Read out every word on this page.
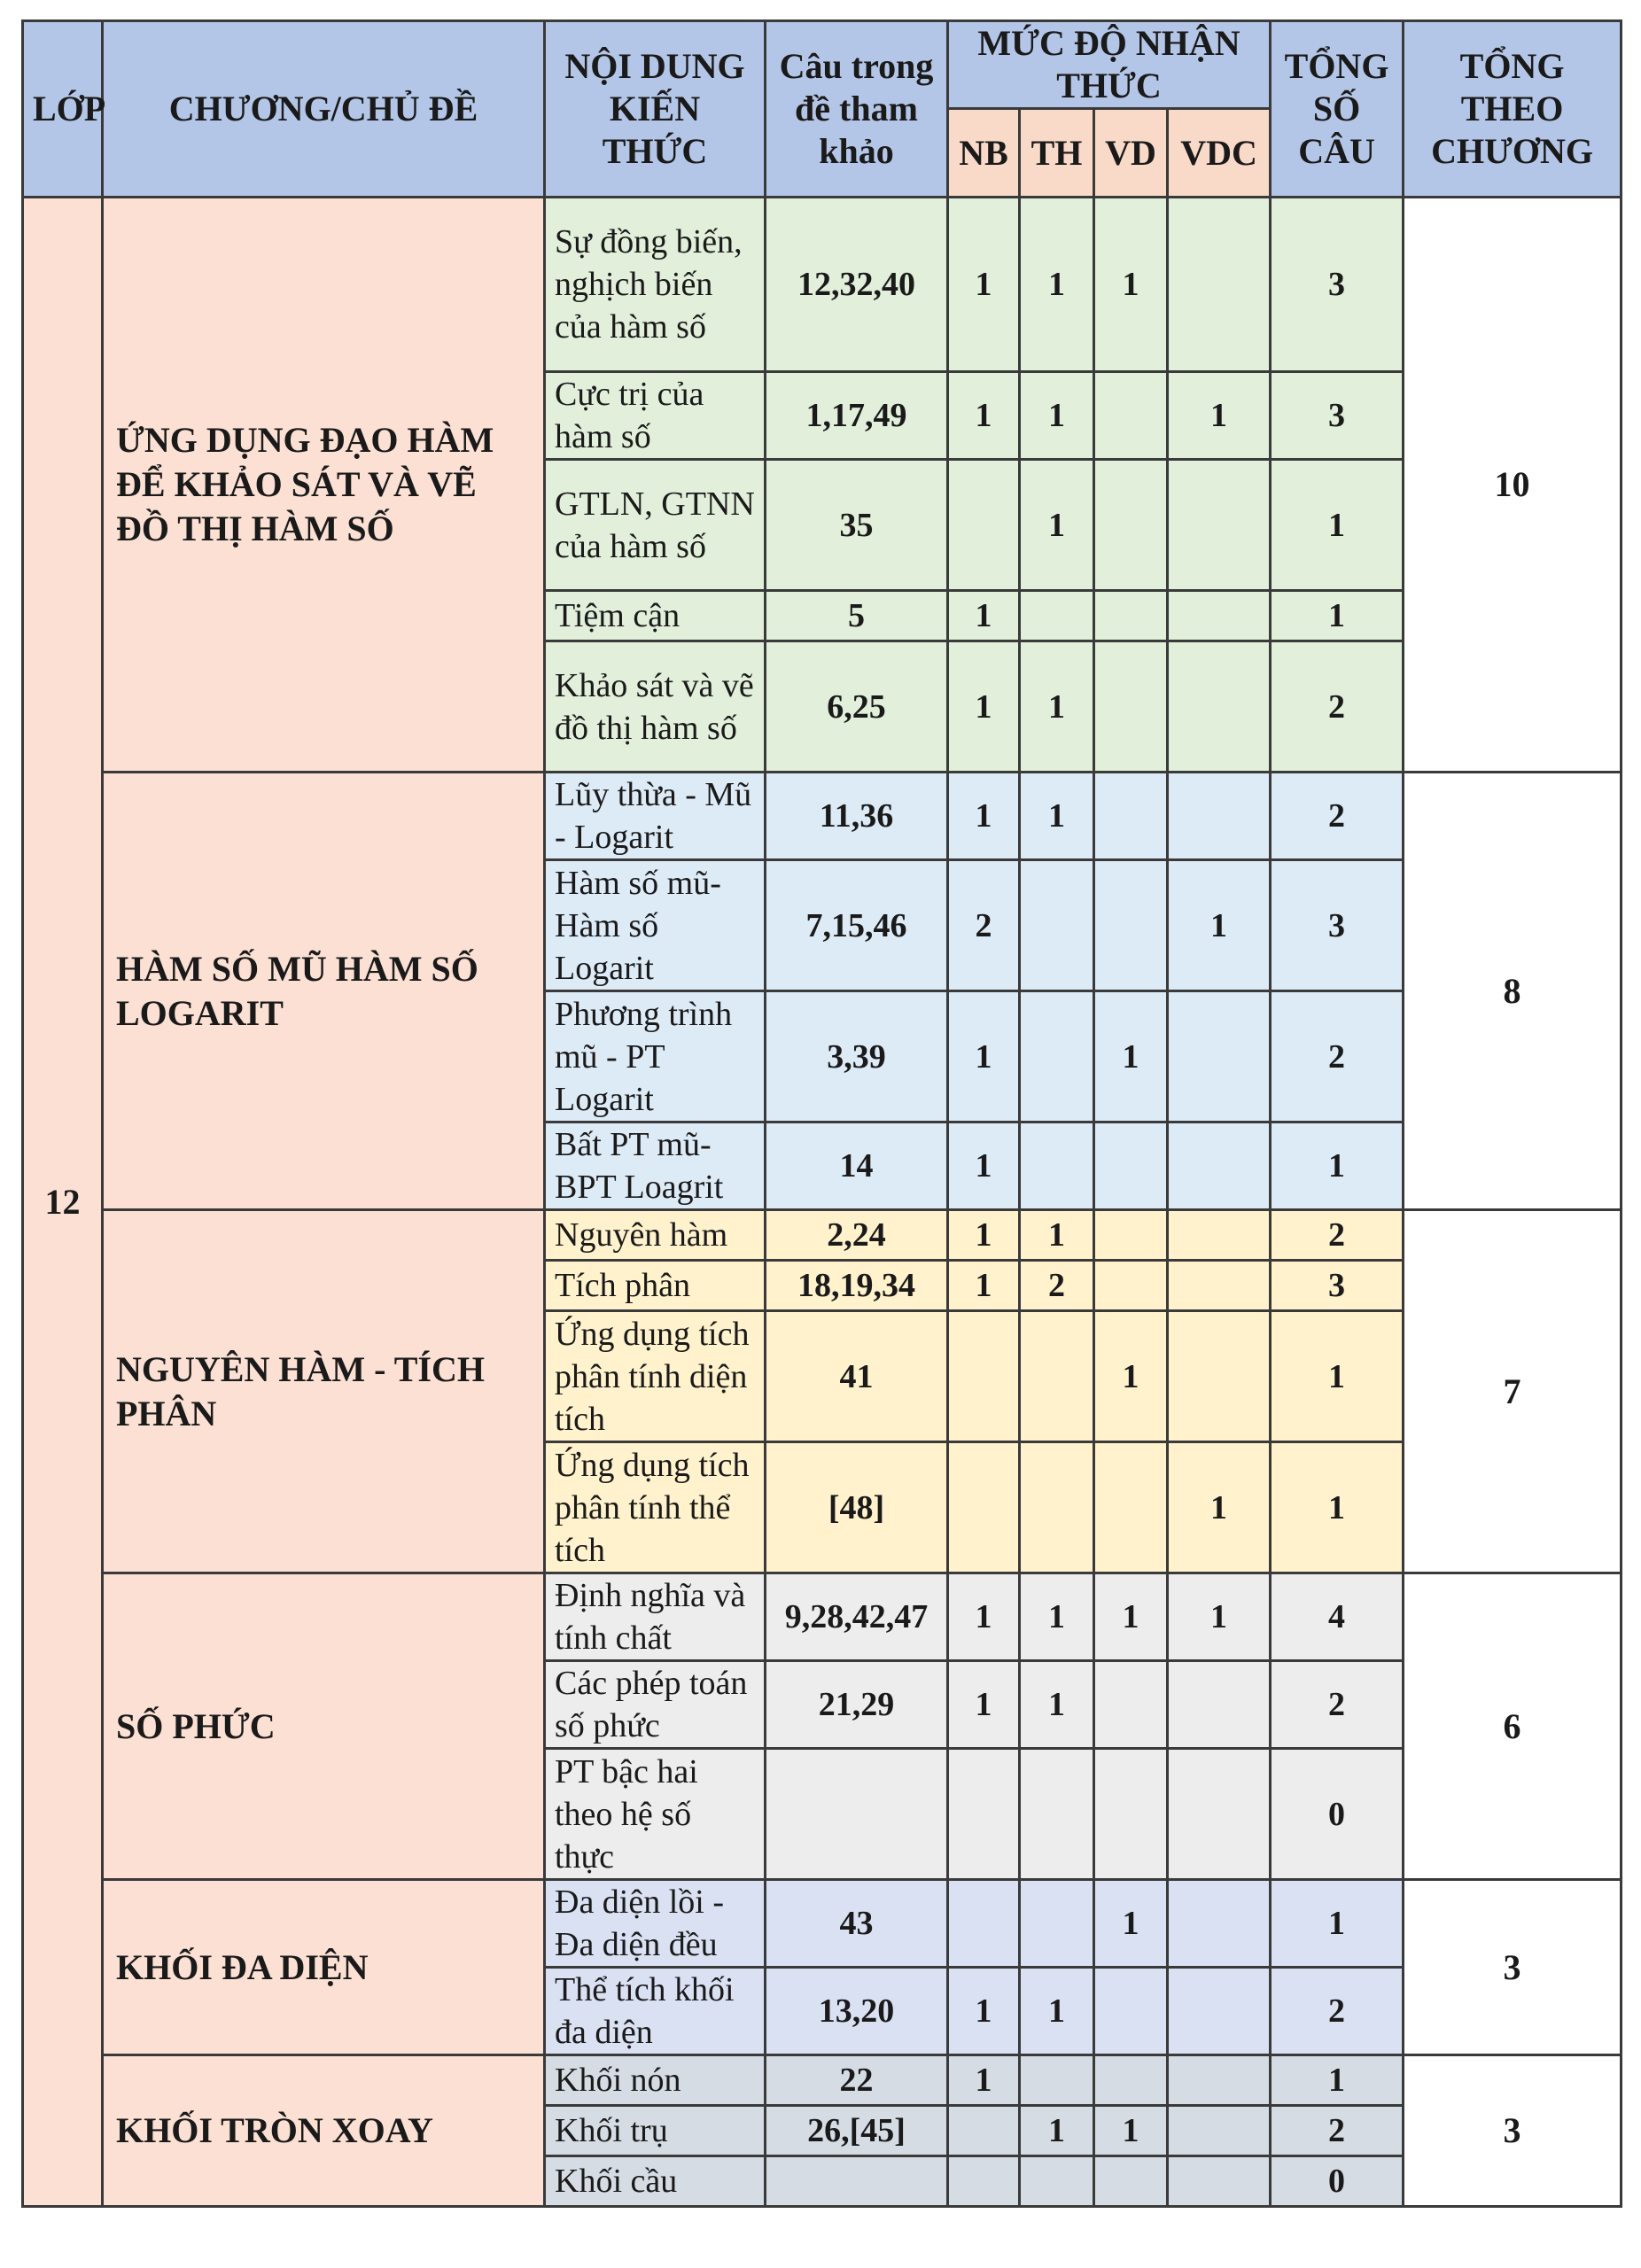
LỚP	CHƯƠNG/CHỦ ĐỀ	NỘI DUNG KIẾN THỨC	Câu trong đề tham khảo	MỨC ĐỘ NHẬN THỨC				TỔNG SỐ CÂU	TỔNG THEO CHƯƠNG
				NB	TH	VD	VDC		
12	ỨNG DỤNG ĐẠO HÀM ĐỂ KHẢO SÁT VÀ VẼ ĐỒ THỊ HÀM SỐ	Sự đồng biến, nghịch biến của hàm số	12,32,40	1	1	1		3	10
		Cực trị của hàm số	1,17,49	1	1		1	3	
		GTLN, GTNN của hàm số	35		1			1	
		Tiệm cận	5	1				1	
		Khảo sát và vẽ đồ thị hàm số	6,25	1	1			2	
	HÀM SỐ MŨ HÀM SỐ LOGARIT	Lũy thừa - Mũ - Logarit	11,36	1	1			2	8
		Hàm số mũ- Hàm số Logarit	7,15,46	2			1	3	
		Phương trình mũ - PT Logarit	3,39	1		1		2	
		Bất PT mũ- BPT Loagrit	14	1				1	
	NGUYÊN HÀM - TÍCH PHÂN	Nguyên hàm	2,24	1	1			2	7
		Tích phân	18,19,34	1	2			3	
		Ứng dụng tích phân tính diện tích	41			1		1	
		Ứng dụng tích phân tính thể tích	[48]				1	1	
	SỐ PHỨC	Định nghĩa và tính chất	9,28,42,47	1	1	1	1	4	6
		Các phép toán số phức	21,29	1	1			2	
		PT bậc hai theo hệ số thực						0	
	KHỐI ĐA DIỆN	Đa diện lồi - Đa diện đều	43			1		1	3
		Thể tích khối đa diện	13,20	1	1			2	
	KHỐI TRÒN XOAY	Khối nón	22	1				1	3
		Khối trụ	26,[45]		1	1		2	
		Khối cầu						0	
